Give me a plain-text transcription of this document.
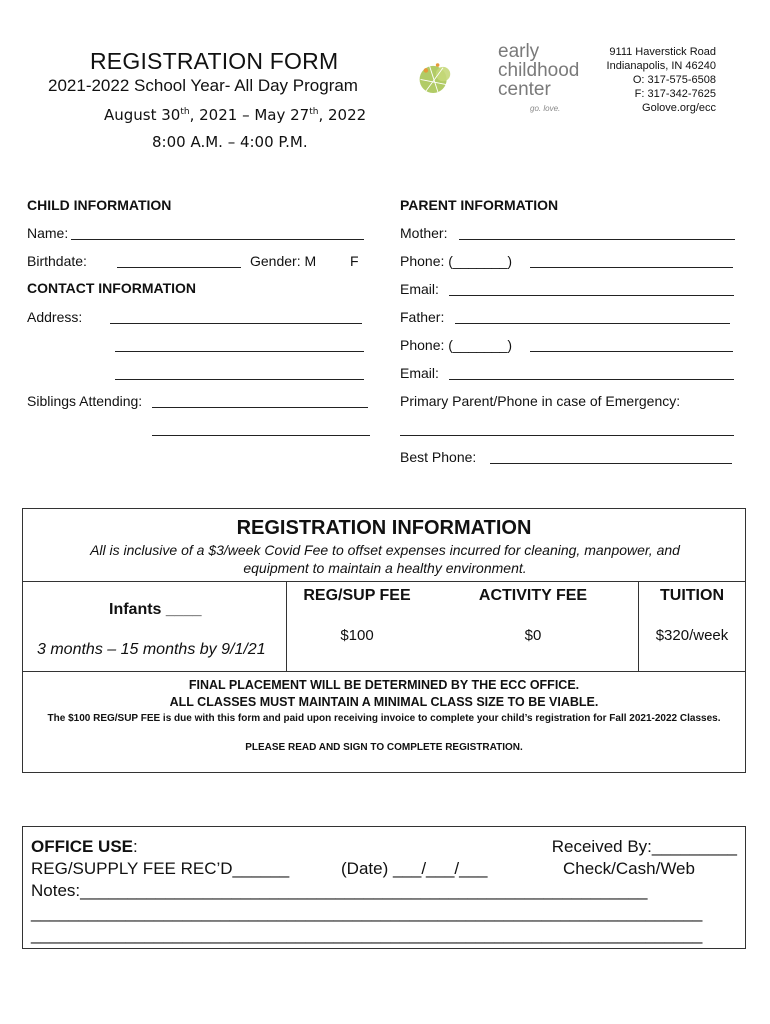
REGISTRATION FORM
2021-2022 School Year- All Day Program
August 30th, 2021 – May 27th, 2022
8:00 A.M. – 4:00 P.M.
early
childhood
center
go. love.
9111 Haverstick Road
Indianapolis, IN 46240
O: 317-575-6508
F: 317-342-7625
Golove.org/ecc
CHILD INFORMATION
Name:
Birthdate:	Gender: M F
CONTACT INFORMATION
Address:
Siblings Attending:
PARENT INFORMATION
Mother:
Phone: (_______)
Email:
Father:
Phone: (_______)
Email:
Primary Parent/Phone in case of Emergency:
Best Phone:
REGISTRATION INFORMATION
All is inclusive of a $3/week Covid Fee to offset expenses incurred for cleaning, manpower, and equipment to maintain a healthy environment.
Infants ____
3 months – 15 months by 9/1/21
REG/SUP FEE	ACTIVITY FEE	TUITION
$100	$0	$320/week
FINAL PLACEMENT WILL BE DETERMINED BY THE ECC OFFICE.
ALL CLASSES MUST MAINTAIN A MINIMAL CLASS SIZE TO BE VIABLE.
The $100 REG/SUP FEE is due with this form and paid upon receiving invoice to complete your child’s registration for Fall 2021-2022 Classes.
PLEASE READ AND SIGN TO COMPLETE REGISTRATION.
OFFICE USE:	Received By:_________
REG/SUPPLY FEE REC’D______	(Date) ___/___/___	Check/Cash/Web
Notes:____________________________________________________________
_______________________________________________________________________
_______________________________________________________________________
